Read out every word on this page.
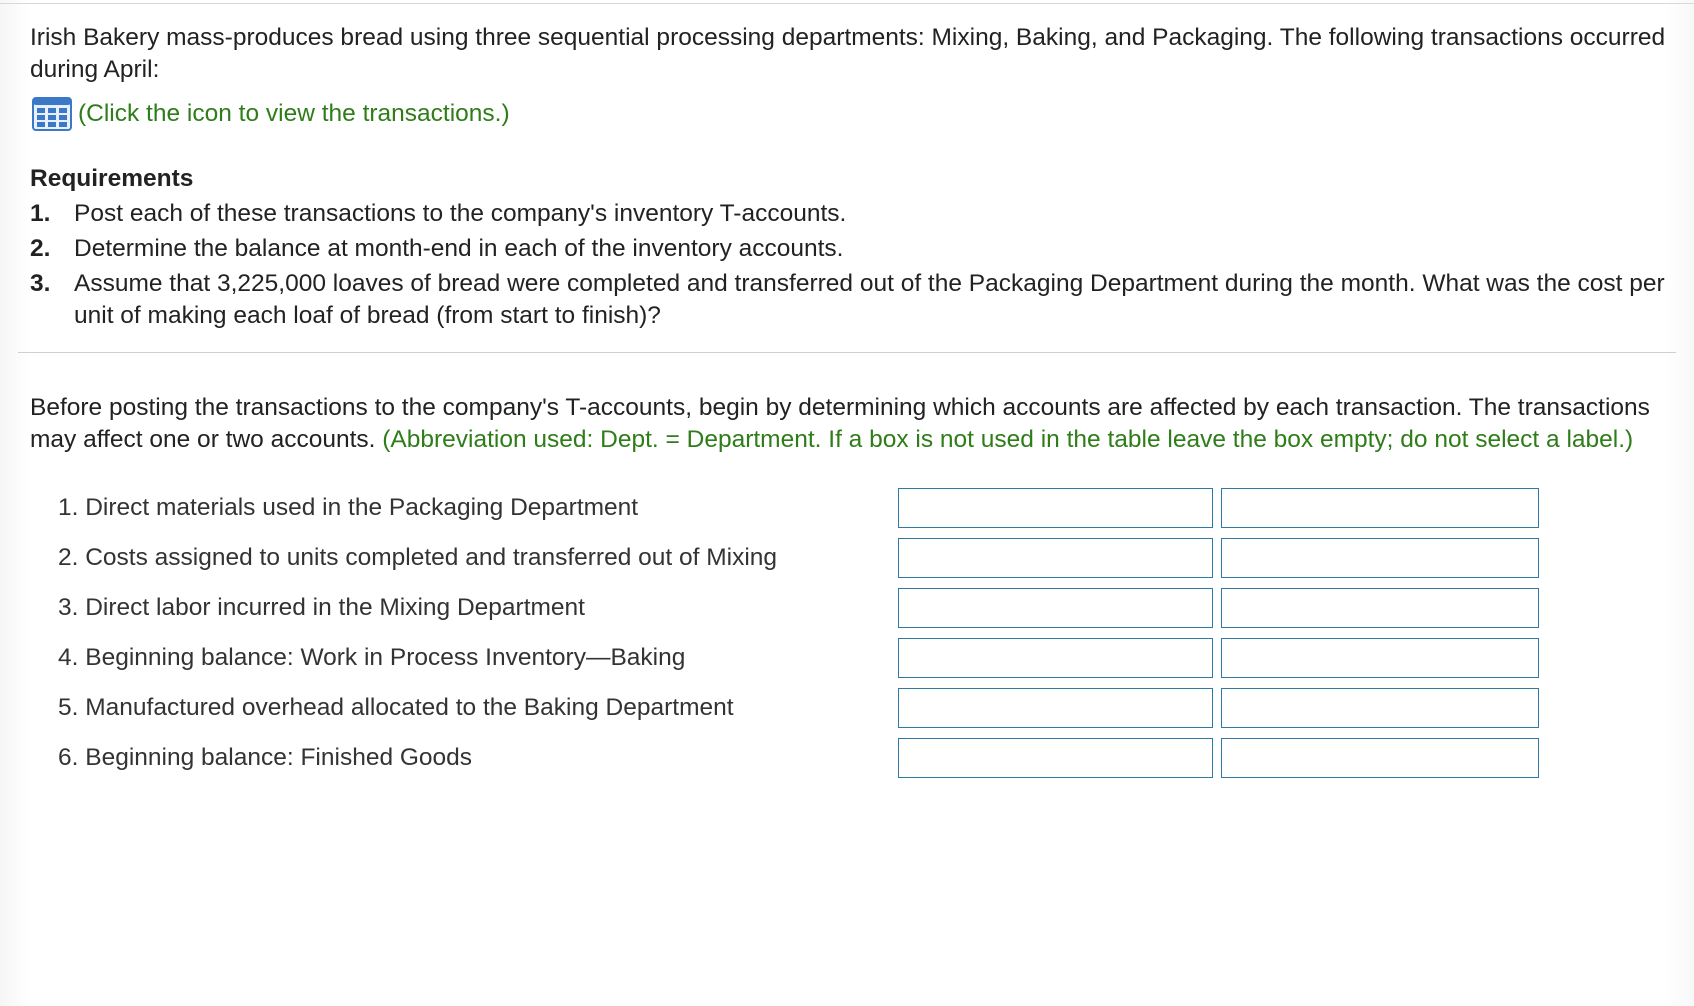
Irish Bakery mass-produces bread using three sequential processing departments: Mixing, Baking, and Packaging. The following transactions occurred during April:
(Click the icon to view the transactions.)
Requirements
1. Post each of these transactions to the company's inventory T-accounts.
2. Determine the balance at month-end in each of the inventory accounts.
3. Assume that 3,225,000 loaves of bread were completed and transferred out of the Packaging Department during the month. What was the cost per unit of making each loaf of bread (from start to finish)?
Before posting the transactions to the company's T-accounts, begin by determining which accounts are affected by each transaction. The transactions may affect one or two accounts. (Abbreviation used: Dept. = Department. If a box is not used in the table leave the box empty; do not select a label.)
1. Direct materials used in the Packaging Department
2. Costs assigned to units completed and transferred out of Mixing
3. Direct labor incurred in the Mixing Department
4. Beginning balance: Work in Process Inventory—Baking
5. Manufactured overhead allocated to the Baking Department
6. Beginning balance: Finished Goods
